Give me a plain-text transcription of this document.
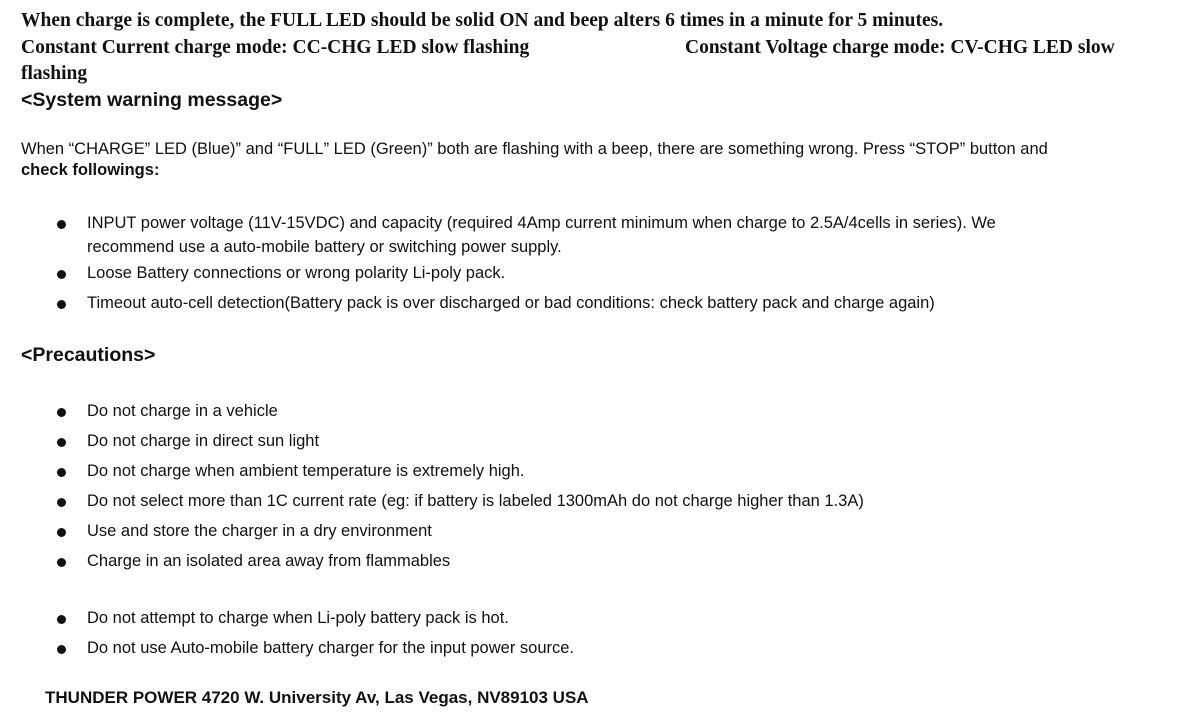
When charge is complete, the FULL LED should be solid ON and beep alters 6 times in a minute for 5 minutes.
Constant Current charge mode: CC-CHG LED slow flashing	Constant Voltage charge mode: CV-CHG LED slow
flashing
<System warning message>
When “CHARGE” LED (Blue)” and “FULL” LED (Green)” both are flashing with a beep, there are something wrong. Press “STOP” button and
check followings:
INPUT power voltage (11V-15VDC) and capacity (required 4Amp current minimum when charge to 2.5A/4cells in series). We
recommend use a auto-mobile battery or switching power supply.
Loose Battery connections or wrong polarity Li-poly pack.
Timeout auto-cell detection(Battery pack is over discharged or bad conditions: check battery pack and charge again)
<Precautions>
Do not charge in a vehicle
Do not charge in direct sun light
Do not charge when ambient temperature is extremely high.
Do not select more than 1C current rate (eg: if battery is labeled 1300mAh do not charge higher than 1.3A)
Use and store the charger in a dry environment
Charge in an isolated area away from flammables
Do not attempt to charge when Li-poly battery pack is hot.
Do not use Auto-mobile battery charger for the input power source.
THUNDER POWER 4720 W. University Av, Las Vegas, NV89103 USA
